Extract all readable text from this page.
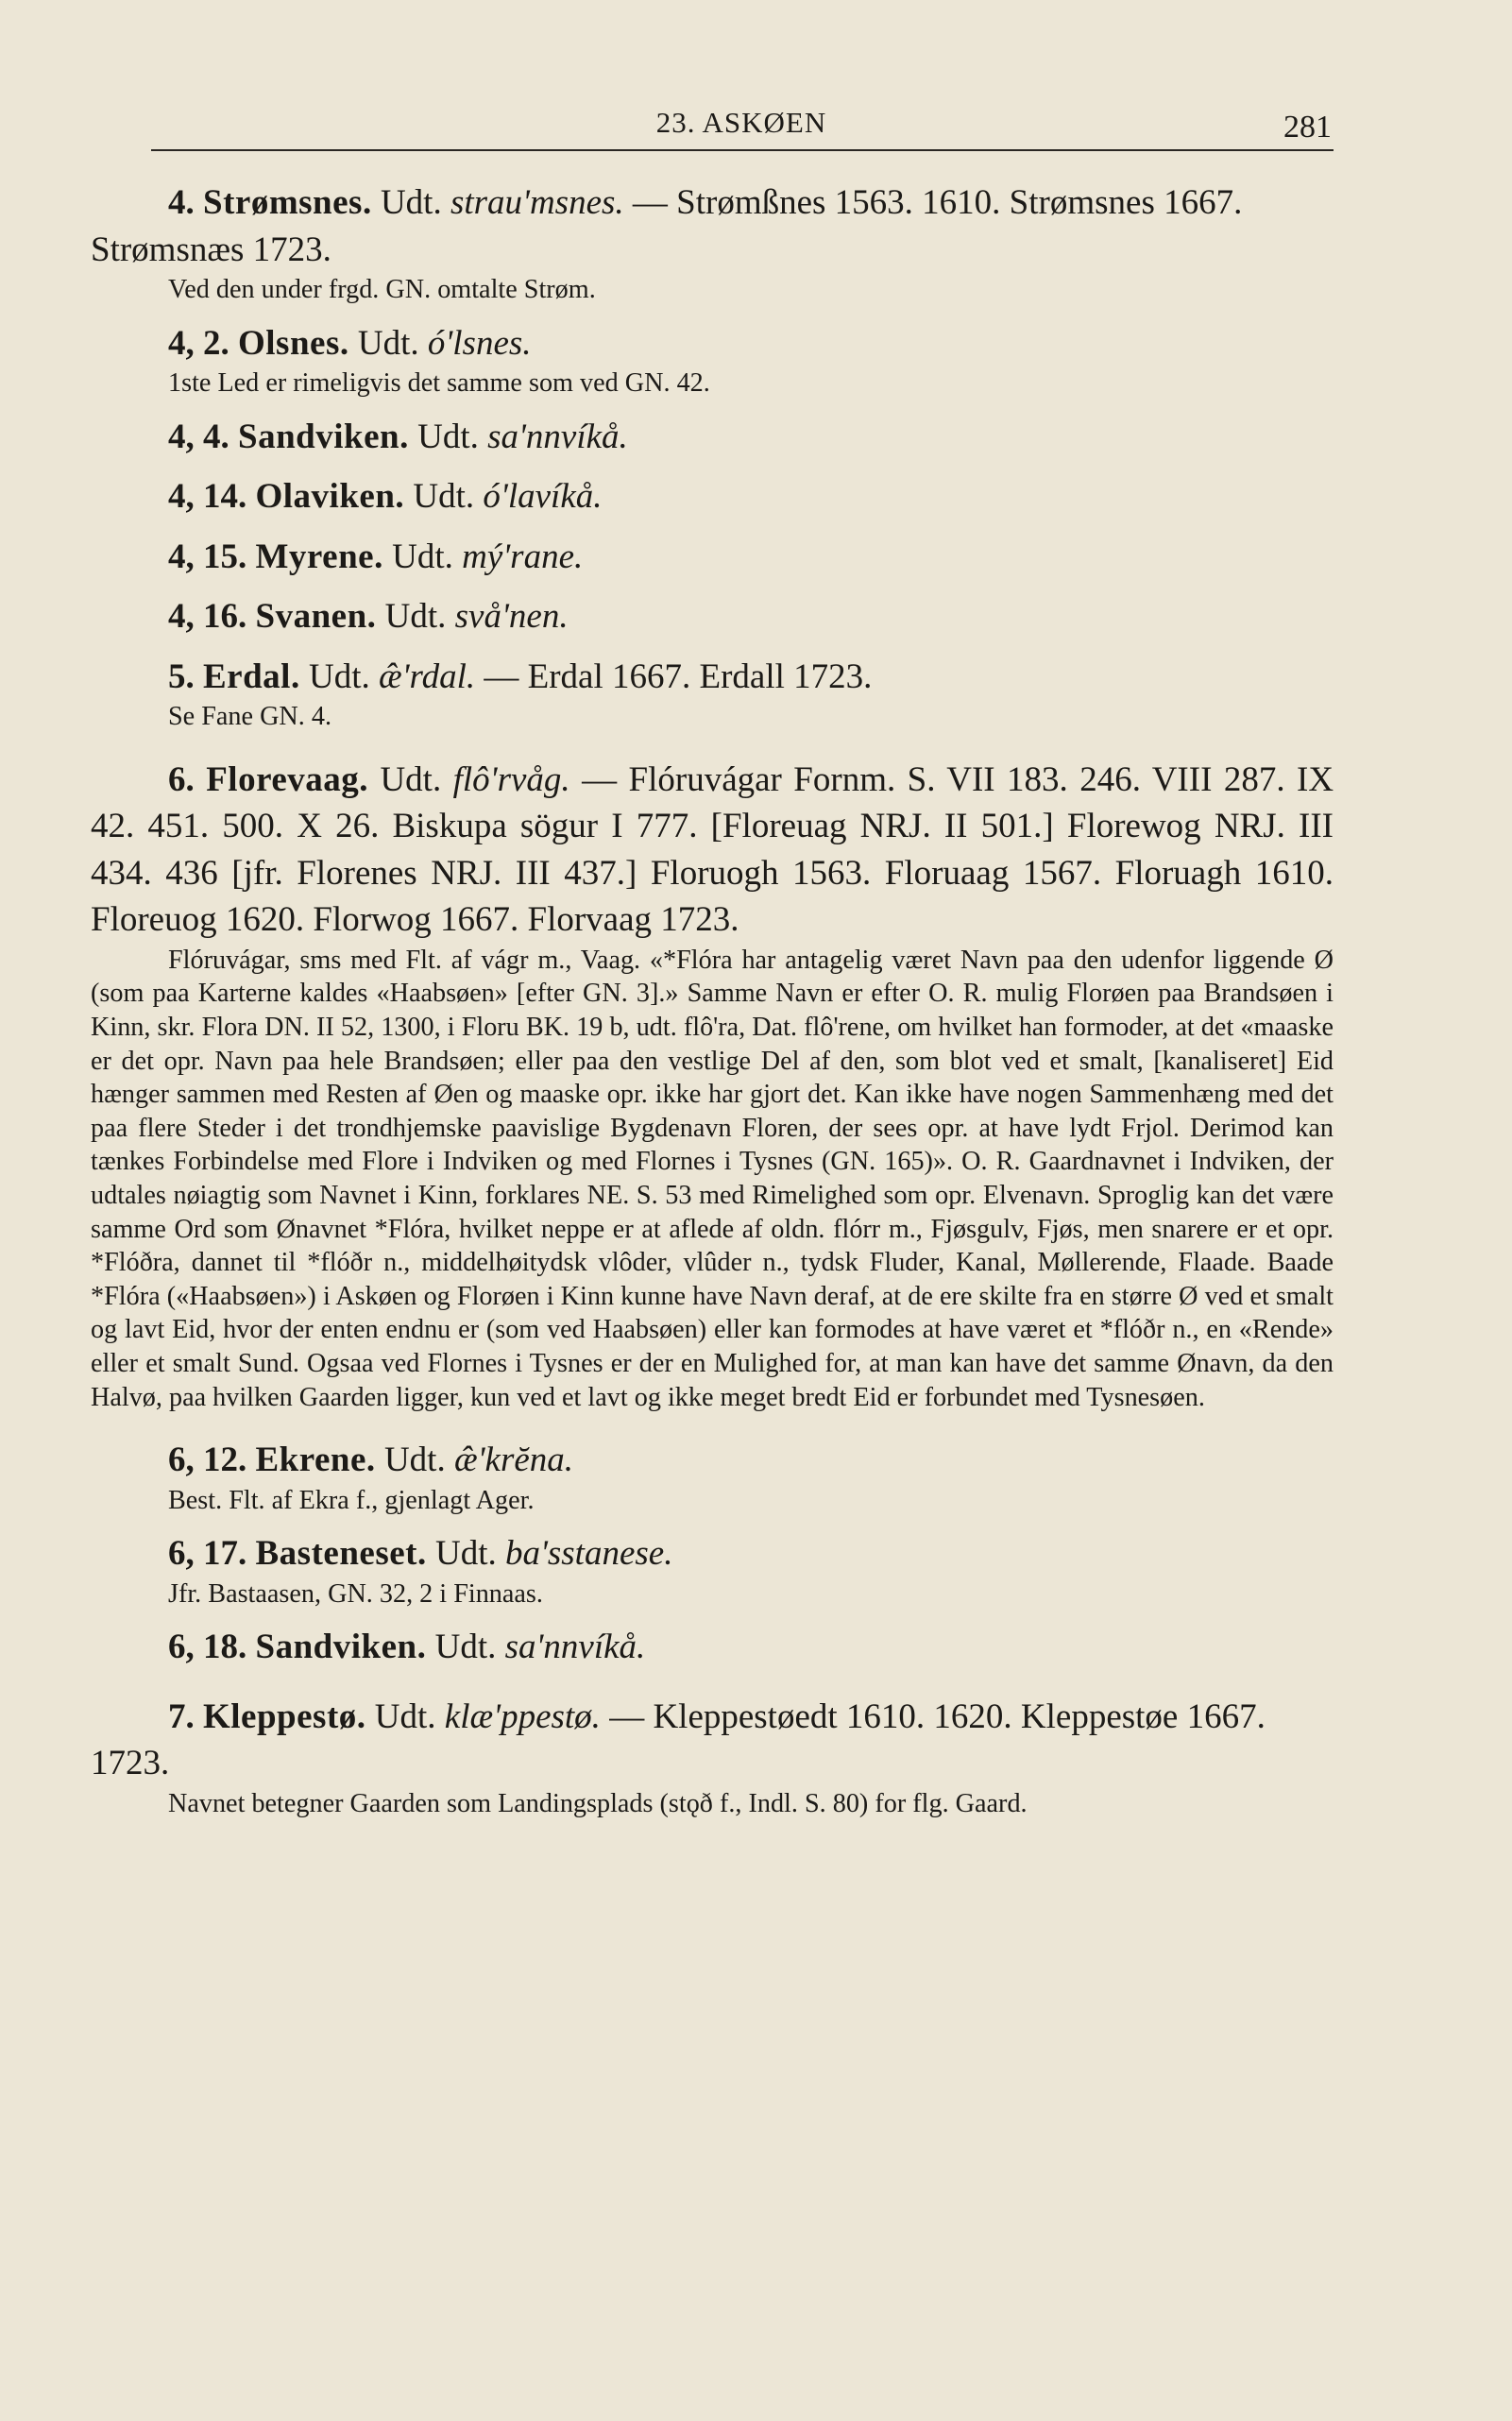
23. ASKØEN	281

4. Strømsnes. Udt. strau'msnes. — Strømßnes 1563. 1610. Strømsnes 1667. Strømsnæs 1723.

Ved den under frgd. GN. omtalte Strøm.

4, 2. Olsnes. Udt. ó'lsnes.

1ste Led er rimeligvis det samme som ved GN. 42.

4, 4. Sandviken. Udt. sa'nnvíkå.

4, 14. Olaviken. Udt. ó'lavíkå.

4, 15. Myrene. Udt. mý'rane.

4, 16. Svanen. Udt. svå'nen.

5. Erdal. Udt. æ̂'rdal. — Erdal 1667. Erdall 1723.

Se Fane GN. 4.

6. Florevaag. Udt. flô'rvåg. — Flóruvágar Fornm. S. VII 183. 246. VIII 287. IX 42. 451. 500. X 26. Biskupa sögur I 777. [Floreuag NRJ. II 501.] Florewog NRJ. III 434. 436 [jfr. Florenes NRJ. III 437.] Floruogh 1563. Floruaag 1567. Floruagh 1610. Floreuog 1620. Florwog 1667. Florvaag 1723.

Flóruvágar, sms med Flt. af vágr m., Vaag. «*Flóra har antagelig været Navn paa den udenfor liggende Ø (som paa Karterne kaldes «Haabsøen» [efter GN. 3].» Samme Navn er efter O. R. mulig Florøen paa Brandsøen i Kinn, skr. Flora DN. II 52, 1300, i Floru BK. 19 b, udt. flô'ra, Dat. flô'rene, om hvilket han formoder, at det «maaske er det opr. Navn paa hele Brandsøen; eller paa den vestlige Del af den, som blot ved et smalt, [kanaliseret] Eid hænger sammen med Resten af Øen og maaske opr. ikke har gjort det. Kan ikke have nogen Sammenhæng med det paa flere Steder i det trondhjemske paavislige Bygdenavn Floren, der sees opr. at have lydt Frjol. Derimod kan tænkes Forbindelse med Flore i Indviken og med Flornes i Tysnes (GN. 165)». O. R. Gaardnavnet i Indviken, der udtales nøiagtig som Navnet i Kinn, forklares NE. S. 53 med Rimelighed som opr. Elvenavn. Sproglig kan det være samme Ord som Ønavnet *Flóra, hvilket neppe er at aflede af oldn. flórr m., Fjøsgulv, Fjøs, men snarere er et opr. *Flóðra, dannet til *flóðr n., middelhøitydsk vlôder, vlûder n., tydsk Fluder, Kanal, Møllerende, Flaade. Baade *Flóra («Haabsøen») i Askøen og Florøen i Kinn kunne have Navn deraf, at de ere skilte fra en større Ø ved et smalt og lavt Eid, hvor der enten endnu er (som ved Haabsøen) eller kan formodes at have været et *flóðr n., en «Rende» eller et smalt Sund. Ogsaa ved Flornes i Tysnes er der en Mulighed for, at man kan have det samme Ønavn, da den Halvø, paa hvilken Gaarden ligger, kun ved et lavt og ikke meget bredt Eid er forbundet med Tysnesøen.

6, 12. Ekrene. Udt. æ̂'krĕna.

Best. Flt. af Ekra f., gjenlagt Ager.

6, 17. Basteneset. Udt. ba'sstanese.

Jfr. Bastaasen, GN. 32, 2 i Finnaas.

6, 18. Sandviken. Udt. sa'nnvíkå.

7. Kleppestø. Udt. klæ'ppestø. — Kleppestøedt 1610. 1620. Kleppestøe 1667. 1723.

Navnet betegner Gaarden som Landingsplads (stǫð f., Indl. S. 80) for flg. Gaard.
